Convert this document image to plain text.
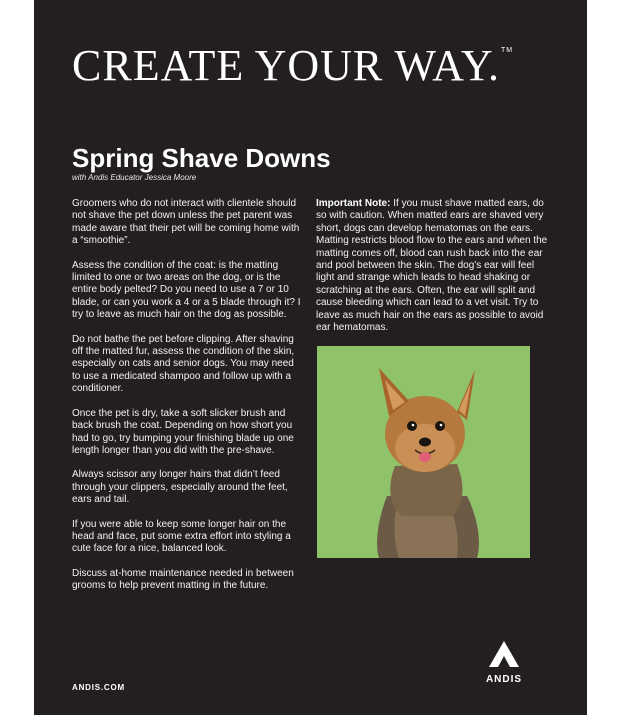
CREATE YOUR WAY.™
Spring Shave Downs
with Andis Educator Jessica Moore

Groomers who do not interact with clientele should not shave the pet down unless the pet parent was made aware that their pet will be coming home with a “smoothie”.

Assess the condition of the coat: is the matting limited to one or two areas on the dog, or is the entire body pelted? Do you need to use a 7 or 10 blade, or can you work a 4 or a 5 blade through it? I try to leave as much hair on the dog as possible.

Do not bathe the pet before clipping. After shaving off the matted fur, assess the condition of the skin, especially on cats and senior dogs. You may need to use a medicated shampoo and follow up with a conditioner.

Once the pet is dry, take a soft slicker brush and back brush the coat. Depending on how short you had to go, try bumping your finishing blade up one length longer than you did with the pre-shave.

Always scissor any longer hairs that didn’t feed through your clippers, especially around the feet, ears and tail.

If you were able to keep some longer hair on the head and face, put some extra effort into styling a cute face for a nice, balanced look.

Discuss at-home maintenance needed in between grooms to help prevent matting in the future.

Important Note: If you must shave matted ears, do so with caution. When matted ears are shaved very short, dogs can develop hematomas on the ears. Matting restricts blood flow to the ears and when the matting comes off, blood can rush back into the ear and pool between the skin. The dog’s ear will feel light and strange which leads to head shaking or scratching at the ears. Often, the ear will split and cause bleeding which can lead to a vet visit. Try to leave as much hair on the ears as possible to avoid ear hematomas.

ANDIS.COM
ANDIS
